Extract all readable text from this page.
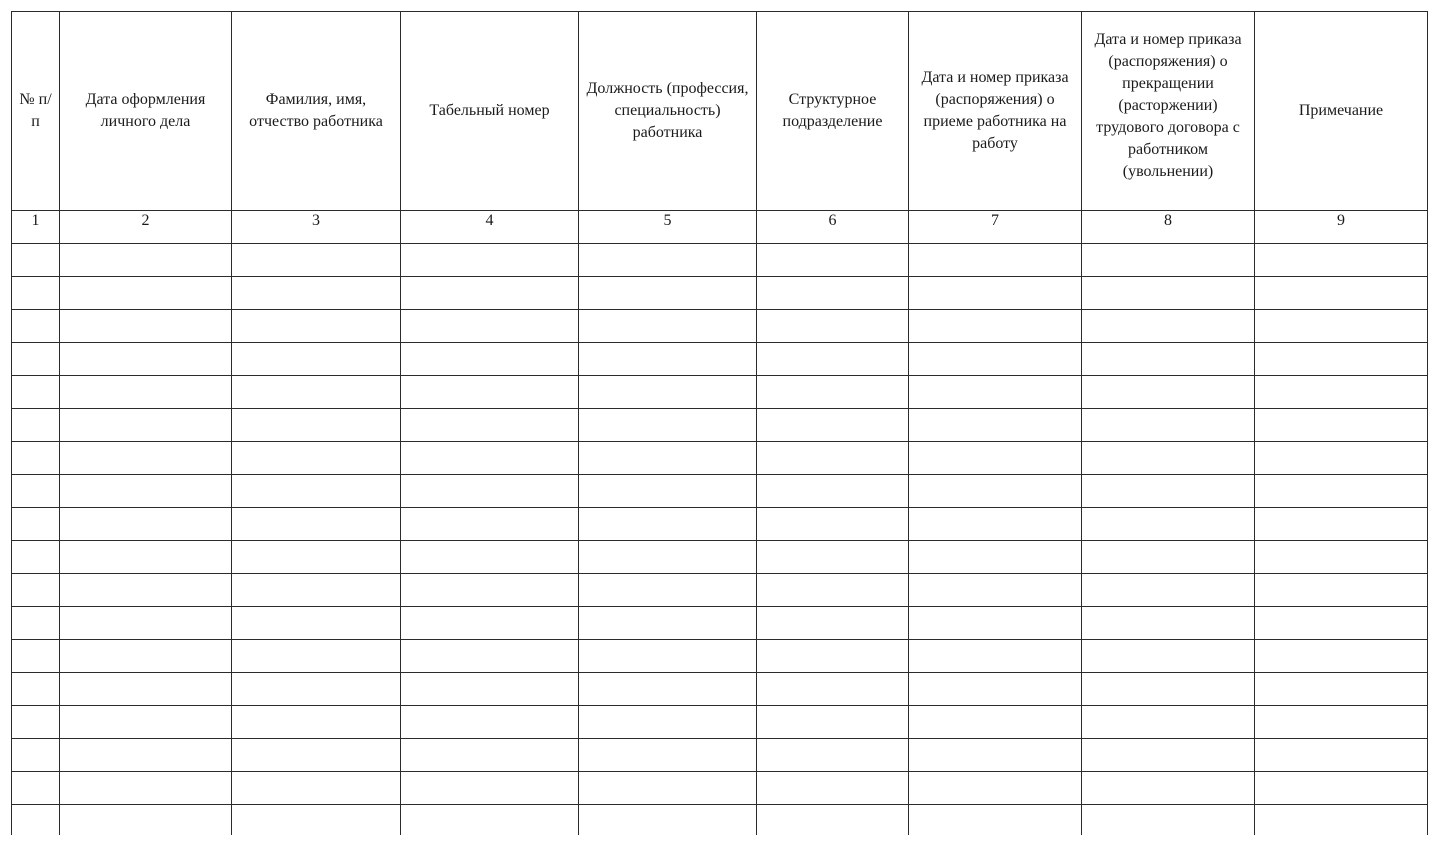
№ п/п	Дата оформления личного дела	Фамилия, имя, отчество работника	Табельный номер	Должность (профессия, специальность) работника	Структурное подразделение	Дата и номер приказа (распоряжения) о приеме работника на работу	Дата и номер приказа (распоряжения) о прекращении (расторжении) трудового договора с работником (увольнении)	Примечание

1	2	3	4	5	6	7	8	9
